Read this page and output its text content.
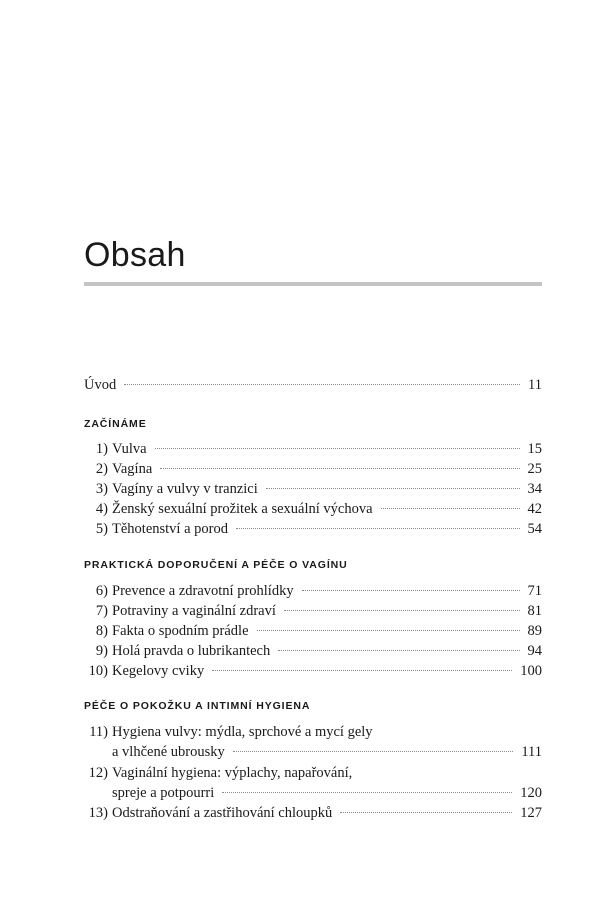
Obsah
Úvod	11
ZAČÍNÁME
1) Vulva	15
2) Vagína	25
3) Vagíny a vulvy v tranzici	34
4) Ženský sexuální prožitek a sexuální výchova	42
5) Těhotenství a porod	54
PRAKTICKÁ DOPORUČENÍ A PÉČE O VAGÍNU
6) Prevence a zdravotní prohlídky	71
7) Potraviny a vaginální zdraví	81
8) Fakta o spodním prádle	89
9) Holá pravda o lubrikantech	94
10) Kegelovy cviky	100
PÉČE O POKOŽKU A INTIMNÍ HYGIENA
11) Hygiena vulvy: mýdla, sprchové a mycí gely
a vlhčené ubrousky	111
12) Vaginální hygiena: výplachy, napařování,
spreje a potpourri	120
13) Odstraňování a zastřihování chloupků	127
